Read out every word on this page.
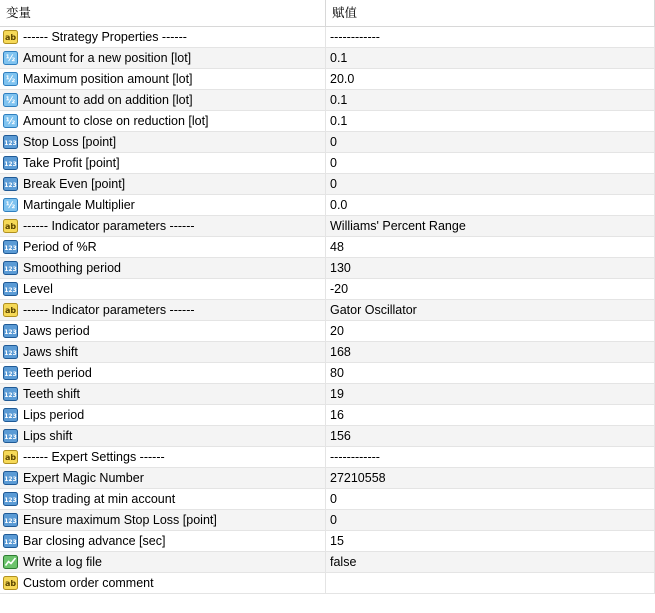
变量	赋值
ab ------ Strategy Properties ------	------------
½ Amount for a new position [lot]	0.1
½ Maximum position amount [lot]	20.0
½ Amount to add on addition [lot]	0.1
½ Amount to close on reduction [lot]	0.1
123 Stop Loss [point]	0
123 Take Profit [point]	0
123 Break Even [point]	0
½ Martingale Multiplier	0.0
ab ------ Indicator parameters ------	Williams' Percent Range
123 Period of %R	48
123 Smoothing period	130
123 Level	-20
ab ------ Indicator parameters ------	Gator Oscillator
123 Jaws period	20
123 Jaws shift	168
123 Teeth period	80
123 Teeth shift	19
123 Lips period	16
123 Lips shift	156
ab ------ Expert Settings ------	------------
123 Expert Magic Number	27210558
123 Stop trading at min account	0
123 Ensure maximum Stop Loss [point]	0
123 Bar closing advance [sec]	15
Write a log file	false
ab Custom order comment
